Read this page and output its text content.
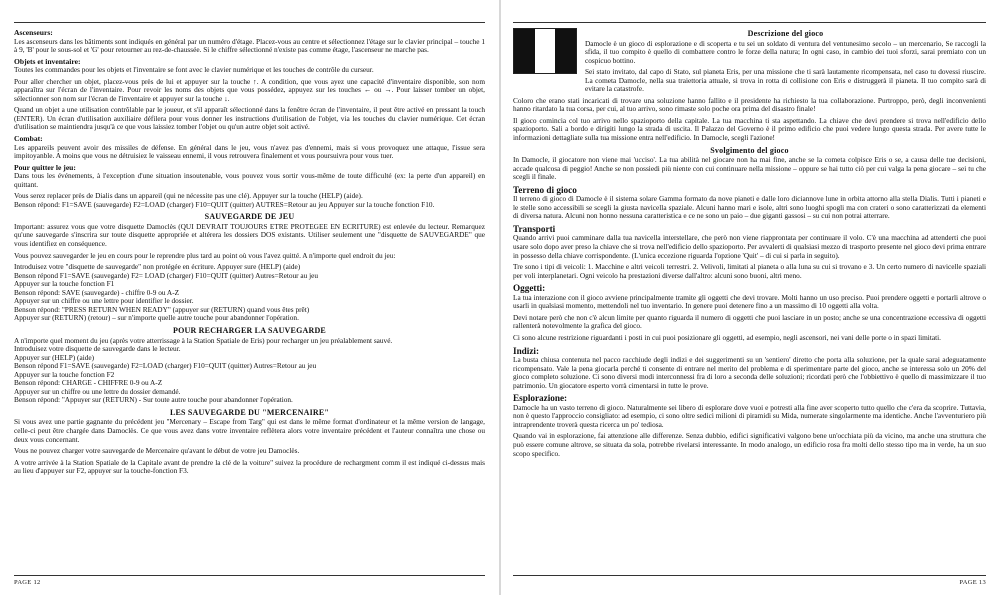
Ascenseurs:

Les ascenseurs dans les bâtiments sont indiqués en général par un numéro d'étage. Placez-vous au centre et sélectionnez l'étage sur le clavier principal – touche 1 à 9, 'B' pour le sous-sol et 'G' pour retourner au rez-de-chaussée. Si le chiffre sélectionné n'existe pas comme étage, l'ascenseur ne marche pas.

Objets et inventaire:

Toutes les commandes pour les objets et l'inventaire se font avec le clavier numérique et les touches de contrôle du curseur.

Pour aller chercher un objet, placez-vous près de lui et appuyer sur la touche ↑. A condition, que vous ayez une capacité d'inventaire disponible, son nom apparaîtra sur l'écran de l'inventaire. Pour revoir les noms des objets que vous possédez, appuyez sur les touches ← ou →. Pour laisser tomber un objet, sélectionner son nom sur l'écran de l'inventaire et appuyer sur la touche ↓.

Quand un objet a une utilisation contrôlable par le joueur, et s'il apparaît sélectionné dans la fenêtre écran de l'inventaire, il peut être activé en pressant la touch (ENTER). Un écran d'utilisation auxiliaire défilera pour vous donner les instructions d'utilisation de l'objet, via les touches du clavier numérique. Cet écran d'utilisation se maintiendra jusqu'à ce que vous laissiez tomber l'objet ou qu'un autre objet soit activé.

Combat:

Les appareils peuvent avoir des missiles de défense. En général dans le jeu, vous n'avez pas d'ennemi, mais si vous provoquez une attaque, l'issue sera impitoyanble. A moins que vous ne détruisiez le vaisseau ennemi, il vous retrouvera finalement et vous poursuivra pour vous tuer.

Pour quitter le jeu:

Dans tous les événements, à l'exception d'une situation insoutenable, vous pouvez vous sortir vous-même de toute difficulté (ex: la perte d'un appareil) en quittant.

Vous serez replacer près de Dialis dans un appareil (qui ne nécessite pas une clé). Appuyer sur la touche (HELP) (aide).

Benson répond: F1=SAVE (sauvegarde) F2=LOAD (charger) F10=QUIT (quitter) AUTRES=Retour au jeu Appuyer sur la touche fonction F10.

SAUVEGARDE DE JEU

Important: assurez vous que votre disquette Damoclès (QUI DEVRAIT TOUJOURS ETRE PROTEGEE EN ECRITURE) est enlevée du lecteur. Remarquez qu'une sauvegarde s'inscrira sur toute disquette appropriée et altérera les dossiers DOS existants. Utiliser seulement une "disquette de SAUVEGARDE" que vous identifiez en conséquence.

Vous pouvez sauvegarder le jeu en cours pour le reprendre plus tard au point où vous l'avez quitté. A n'importe quel endroit du jeu:

Introduisez votre "disquette de sauvegarde" non protégée en écriture. Appuyer sure (HELP) (aide)

Benson répond F1=SAVE (sauvegarde) F2= LOAD (charger) F10=QUIT (quitter) Autres=Retour au jeu

Appuyer sur la touche fonction F1

Benson répond: SAVE (sauvegarde) - chiffre 0-9 ou A-Z

Appuyer sur un chiffre ou une lettre pour identifier le dossier.

Benson répond: "PRESS RETURN WHEN READY" (appuyer sur (RETURN) quand vous êtes prêt)

Appuyer sur (RETURN) (retour) – sur n'importe quelle autre touche pour abandonner l'opération.

POUR RECHARGER LA SAUVEGARDE

A n'importe quel moment du jeu (après votre atterrissage à la Station Spatiale de Eris) pour recharger un jeu préalablement sauvé.

Introduisez votre disquette de sauvegarde dans le lecteur.

Appuyer sur (HELP) (aide)

Benson répond F1=SAVE (sauvegarde) F2=LOAD (charger) F10=QUIT (quitter) Autres=Retour au jeu

Appuyer sur la touche fonction F2

Benson répond: CHARGE - CHIFFRE 0-9 ou A-Z

Appuyer sur un chiffre ou une lettre du dossier demandé.

Benson répond: "Appuyer sur (RETURN) - Sur toute autre touche pour abandonner l'opération.

LES SAUVEGARDE DU "MERCENAIRE"

Si vous avez une partie gagnante du précédent jeu "Mercenary – Escape from Targ" qui est dans le même format d'ordinateur et la même version de langage, celle-ci peut être chargée dans Damoclès. Ce que vous avez dans votre inventaire reflètera alors votre inventaire précédent et l'auteur connaîtra une chose ou deux vous concernant.

Vous ne pouvez charger votre sauvegarde de Mercenaire qu'avant le début de votre jeu Damoclès.

A votre arrivée à la Station Spatiale de la Capitale avant de prendre la clé de la voiture" suivez la procédure de rechargment comm il est indiqué ci-dessus mais au lieu d'appuyer sur F2, appuyer sur la touche-fonction F3.

PAGE 12
Descrizione del gioco

Damocle è un gioco di esplorazione e di scoperta e tu sei un soldato di ventura del ventunesimo secolo – un mercenario, Se raccogli la sfida, il tuo compito è quello di combattere contro le forze della natura; In ogni caso, in cambio dei tuoi sforzi, sarai premiato con un cospicuo bottino.

Sei stato invitato, dal capo di Stato, sul pianeta Eris, per una missione che ti sarà lautamente ricompensata, nel caso tu dovessi riuscire. La cometa Damocle, nella sua traiettoria attuale, si trova in rotta di collisione con Eris e distruggerà il pianeta. Il tuo compito sarà di evitare la catastrofe.

Coloro che erano stati incaricati di trovare una soluzione hanno fallito e il presidente ha richiesto la tua collaborazione. Purtroppo, però, degli inconvenienti hanno ritardato la tua corsa, per cui, al tuo arrivo, sono rimaste solo poche ora prima del disastro finale!

Il gioco comincia col tuo arrivo nello spazioporto della capitale. La tua macchina ti sta aspettando. La chiave che devi prendere si trova nell'edificio dello spazioporto. Sali a bordo e dirigiti lungo la strada di uscita. Il Palazzo del Governo è il primo edificio che puoi vedere lungo questa strada. Per avere tutte le informazioni dettagliate sulla tua missione entra nell'edificio. In Damocle, scegli l'azione!

Svolgimento del gioco

In Damocle, il giocatore non viene mai 'ucciso'. La tua abilità nel giocare non ha mai fine, anche se la cometa colpisce Eris o se, a causa delle tue decisioni, accade qualcosa di peggio! Anche se non possiedi più niente con cui continuare nella missione – oppure se hai tutto ciò per cui valga la pena giocare – sei tu che scegli il finale.

Terreno di gioco

Il terreno di gioco di Damocle è il sistema solare Gamma formato da nove pianeti e dalle loro diciannove lune in orbita attorno alla stella Dialis. Tutti i pianeti e le stelle sono accessibili se scegli la giusta navicella spaziale. Alcuni hanno mari e isole, altri sono luoghi spogli ma con crateri o sono caratterizzati da elementi di diversa natura. Alcuni non honno nessuna caratteristica e ce ne sono un paio – due giganti gassosi – su cui non potrai atterrare.

Transporti

Quando arrivi puoi camminare dalla tua navicella interstellare, che però non viene riapprontata per continuare il volo. C'è una macchina ad attenderti che puoi usare solo dopo aver preso la chiave che si trova nell'edificio dello spazioporto. Per avvalerti di qualsiasi mezzo di trasporto presente nel gioco devi prima entrare in possesso della chiave corrispondente. (L'unica eccezione riguarda l'opzione 'Quit' – di cui si parla in seguito).

Tre sono i tipi di veicoli: 1. Macchine e altri veicoli terrestri. 2. Velivoli, limitati al pianeta o alla luna su cui si trovano e 3. Un certo numero di navicelle spaziali per voli interplanetari. Ogni veicolo ha prestazioni diverse dall'altro: alcuni sono buoni, altri meno.

Oggetti:

La tua interazione con il gioco avviene principalmente tramite gli oggetti che devi trovare. Molti hanno un uso preciso. Puoi prendere oggetti e portarli altrove o usarli in qualsiasi momento, mettendoli nel tuo inventario. In genere puoi detenere fino a un massimo di 10 oggetti alla volta.

Devi notare però che non c'è alcun limite per quanto riguarda il numero di oggetti che puoi lasciare in un posto; anche se una concentrazione eccessiva di oggetti rallenterà notevolmente la grafica del gioco.

Ci sono alcune restrizione riguardanti i posti in cui puoi posizionare gli oggetti, ad esempio, negli ascensori, nei vani delle porte o in spazi limitati.

Indizi:

La busta chiusa contenuta nel pacco racchiude degli indizi e dei suggerimenti su un 'sentiero' diretto che porta alla soluzione, per la quale sarai adeguatamente ricompensato. Vale la pena giocarla perché ti consente di entrare nel merito del problema e di sperimentare parte del gioco, anche se interessa solo un 20% del gioco completo soluzione. Ci sono diversi modi interconnessi fra di loro a seconda delle soluzioni; ricordati però che l'obbiettivo è quello di massimizzare il tuo patrimonio. Un giocatore esperto vorrà cimentarsi in tutte le prove.

Esplorazione:

Damocle ha un vasto terreno di gioco. Naturalmente sei libero di esplorare dove vuoi e potresti alla fine aver scoperto tutto quello che c'era da scoprire. Tuttavia, non è questo l'approccio consigliato: ad esempio, ci sono oltre sedici milioni di piramidi su Mida, numerate singolarmente ma identiche. Anche l'avventuriero più intraprendente troverà questa ricerca un po' tediosa.

Quando vai in esplorazione, fai attenzione alle differenze. Senza dubbio, edifici significativi valgono bene un'occhiata più da vicino, ma anche una struttura che può essere comune altrove, se situata da sola, potrebbe rivelarsi interessante. In modo analogo, un edificio rosa fra molti dello stesso tipo ma in verde, ha un suo scopo specifico.

PAGE 13
